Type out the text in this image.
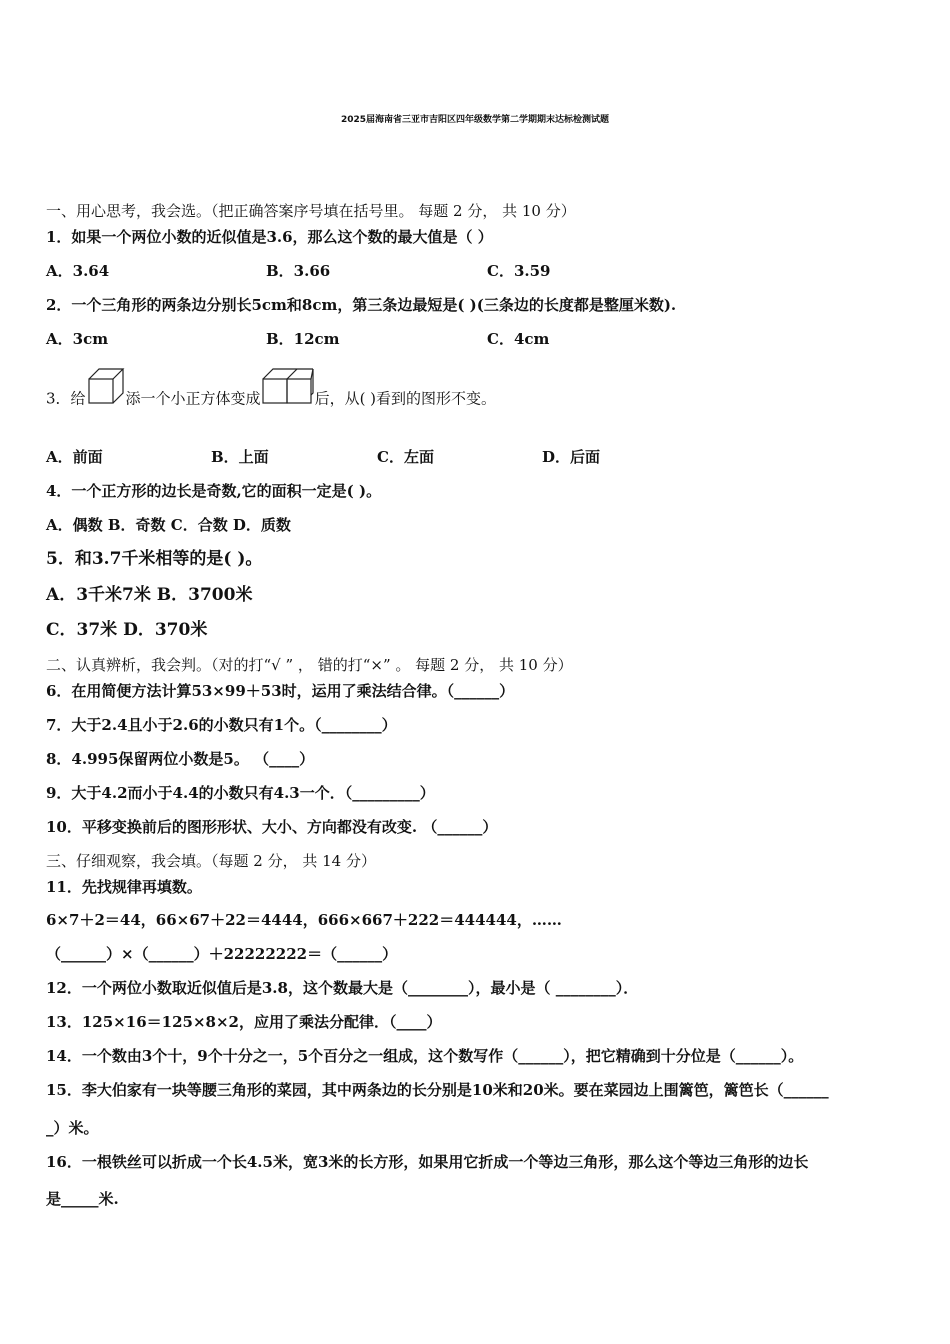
2025届海南省三亚市吉阳区四年级数学第二学期期末达标检测试题
一、用心思考，我会选。（把正确答案序号填在括号里。 每题 2 分， 共 10 分）
1．如果一个两位小数的近似值是3.6，那么这个数的最大值是（ ）
A．3.64	B．3.66	C．3.59
2．一个三角形的两条边分别长5cm和8cm，第三条边最短是( )(三条边的长度都是整厘米数).
A．3cm	B．12cm	C．4cm
3．给	添一个小正方体变成	后，从( )看到的图形不变。
A．前面	B．上面	C．左面	D．后面
4．一个正方形的边长是奇数,它的面积一定是( )。
A．偶数 B．奇数 C．合数 D．质数
5．和3.7千米相等的是( )。
A．3千米7米 B．3700米
C．37米 D．370米
二、认真辨析，我会判。（对的打“√ ” ， 错的打“×” 。 每题 2 分， 共 10 分）
6．在用简便方法计算53×99＋53时，运用了乘法结合律。（______）
7．大于2.4且小于2.6的小数只有1个。（________）
8．4.995保留两位小数是5。 （____）
9．大于4.2而小于4.4的小数只有4.3一个．（_________）
10．平移变换前后的图形形状、大小、方向都没有改变. （______）
三、仔细观察，我会填。（每题 2 分， 共 14 分）
11．先找规律再填数。
6×7＋2＝44，66×67＋22＝4444，666×667＋222＝444444，……
（______）×（______）＋22222222＝（______）
12．一个两位小数取近似值后是3.8，这个数最大是（________），最小是（ ________）．
13．125×16＝125×8×2，应用了乘法分配律．（____）
14．一个数由3个十，9个十分之一，5个百分之一组成，这个数写作（______），把它精确到十分位是（______）。
15．李大伯家有一块等腰三角形的菜园，其中两条边的长分别是10米和20米。要在菜园边上围篱笆，篱笆长（______
_）米。
16．一根铁丝可以折成一个长4.5米，宽3米的长方形，如果用它折成一个等边三角形，那么这个等边三角形的边长
是_____米.
